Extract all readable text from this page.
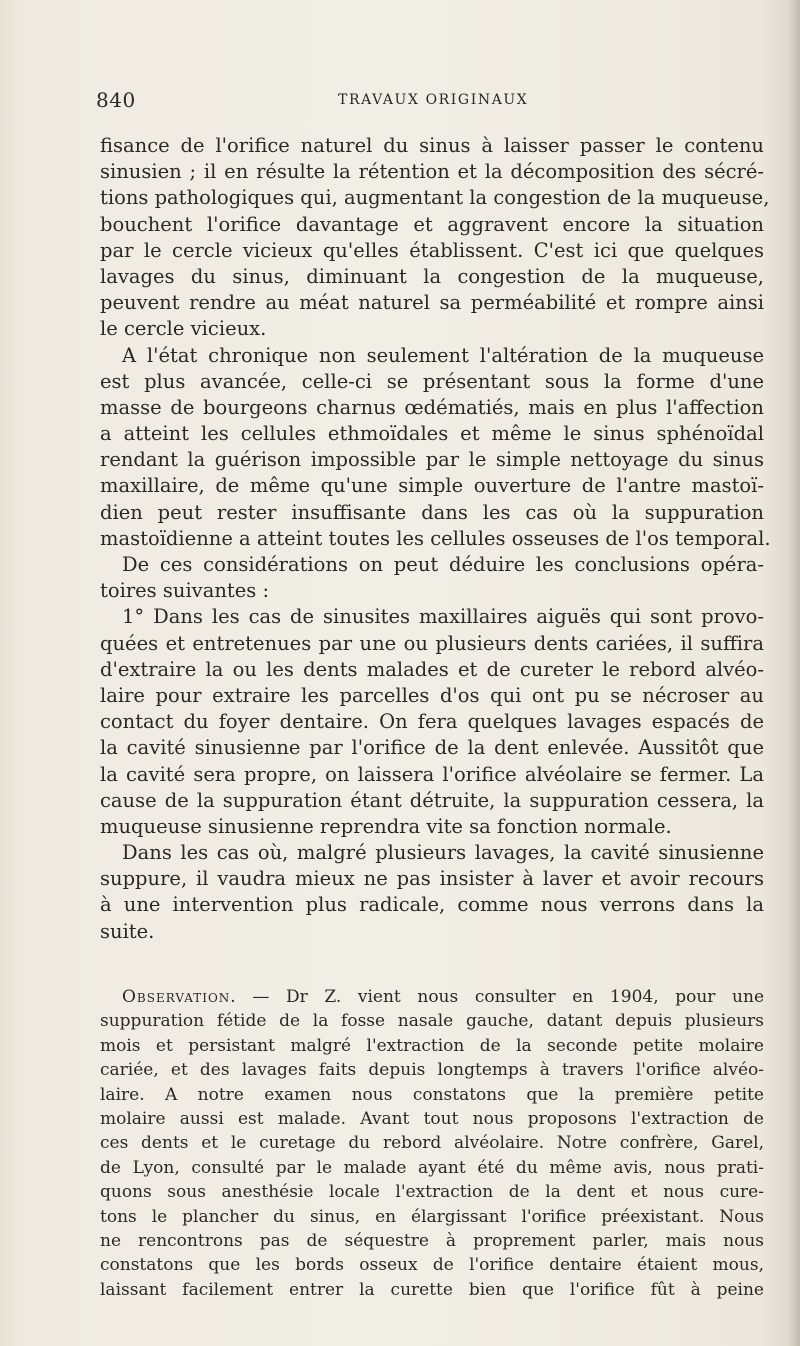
840	TRAVAUX ORIGINAUX
fisance de l'orifice naturel du sinus à laisser passer le contenu
sinusien ; il en résulte la rétention et la décomposition des sécré-
tions pathologiques qui, augmentant la congestion de la muqueuse,
bouchent l'orifice davantage et aggravent encore la situation
par le cercle vicieux qu'elles établissent. C'est ici que quelques
lavages du sinus, diminuant la congestion de la muqueuse,
peuvent rendre au méat naturel sa perméabilité et rompre ainsi
le cercle vicieux.
A l'état chronique non seulement l'altération de la muqueuse
est plus avancée, celle-ci se présentant sous la forme d'une
masse de bourgeons charnus œdématiés, mais en plus l'affection
a atteint les cellules ethmoïdales et même le sinus sphénoïdal
rendant la guérison impossible par le simple nettoyage du sinus
maxillaire, de même qu'une simple ouverture de l'antre mastoï-
dien peut rester insuffisante dans les cas où la suppuration
mastoïdienne a atteint toutes les cellules osseuses de l'os temporal.
De ces considérations on peut déduire les conclusions opéra-
toires suivantes :
1° Dans les cas de sinusites maxillaires aiguës qui sont provo-
quées et entretenues par une ou plusieurs dents cariées, il suffira
d'extraire la ou les dents malades et de cureter le rebord alvéo-
laire pour extraire les parcelles d'os qui ont pu se nécroser au
contact du foyer dentaire. On fera quelques lavages espacés de
la cavité sinusienne par l'orifice de la dent enlevée. Aussitôt que
la cavité sera propre, on laissera l'orifice alvéolaire se fermer. La
cause de la suppuration étant détruite, la suppuration cessera, la
muqueuse sinusienne reprendra vite sa fonction normale.
Dans les cas où, malgré plusieurs lavages, la cavité sinusienne
suppure, il vaudra mieux ne pas insister à laver et avoir recours
à une intervention plus radicale, comme nous verrons dans la
suite.
Observation. — Dr Z. vient nous consulter en 1904, pour une
suppuration fétide de la fosse nasale gauche, datant depuis plusieurs
mois et persistant malgré l'extraction de la seconde petite molaire
cariée, et des lavages faits depuis longtemps à travers l'orifice alvéo-
laire. A notre examen nous constatons que la première petite
molaire aussi est malade. Avant tout nous proposons l'extraction de
ces dents et le curetage du rebord alvéolaire. Notre confrère, Garel,
de Lyon, consulté par le malade ayant été du même avis, nous prati-
quons sous anesthésie locale l'extraction de la dent et nous cure-
tons le plancher du sinus, en élargissant l'orifice préexistant. Nous
ne rencontrons pas de séquestre à proprement parler, mais nous
constatons que les bords osseux de l'orifice dentaire étaient mous,
laissant facilement entrer la curette bien que l'orifice fût à peine
